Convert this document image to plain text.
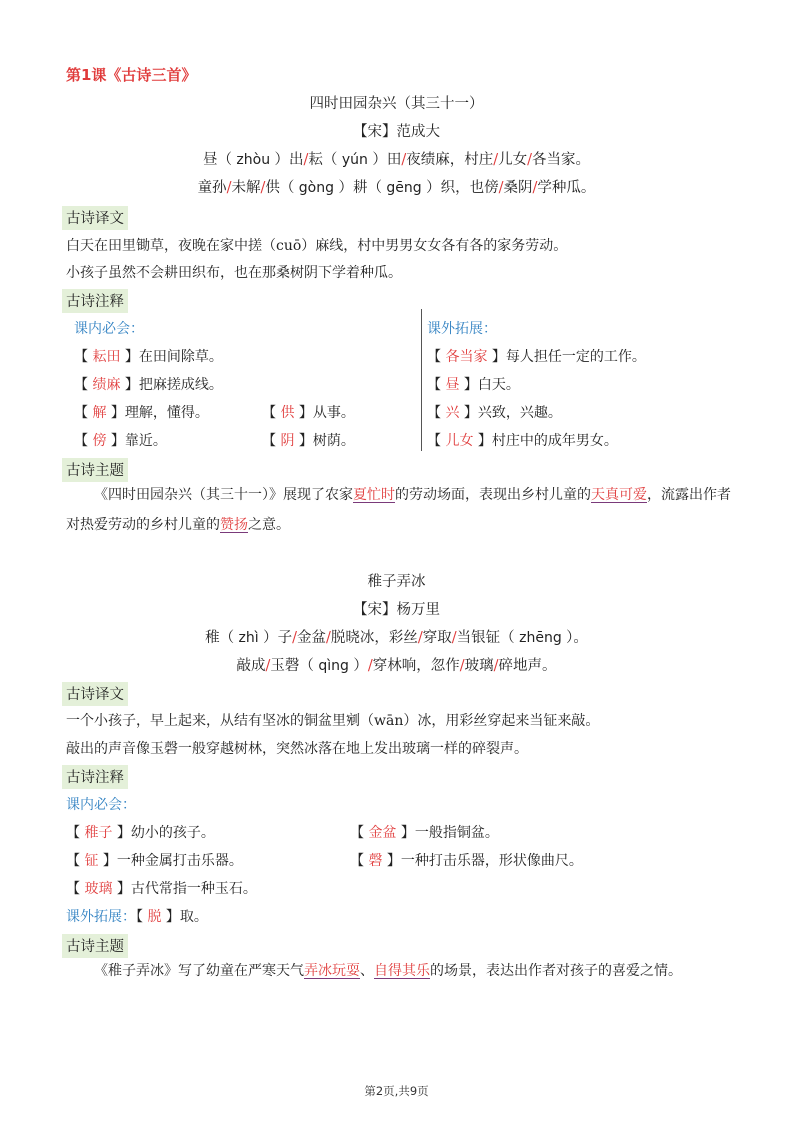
第1课《古诗三首》
四时田园杂兴（其三十一）
【宋】范成大
昼（ zhòu ）出/耘（ yún ）田/夜绩麻，村庄/儿女/各当家。
童孙/未解/供（ gòng ）耕（ gēng ）织，也傍/桑阴/学种瓜。
古诗译文
白天在田里锄草，夜晚在家中搓（cuō）麻线，村中男男女女各有各的家务劳动。
小孩子虽然不会耕田织布，也在那桑树阴下学着种瓜。
古诗注释
课内必会：
【 耘田 】在田间除草。
【 绩麻 】把麻搓成线。
【 解 】理解，懂得。	【 供 】从事。
【 傍 】靠近。	【 阴 】树荫。
课外拓展：
【 各当家 】每人担任一定的工作。
【 昼 】白天。
【 兴 】兴致，兴趣。
【 儿女 】村庄中的成年男女。
古诗主题
《四时田园杂兴（其三十一）》展现了农家夏忙时的劳动场面，表现出乡村儿童的天真可爱，流露出作者对热爱劳动的乡村儿童的赞扬之意。
稚子弄冰
【宋】杨万里
稚（ zhì ）子/金盆/脱晓冰，彩丝/穿取/当银钲（ zhēng ）。
敲成/玉磬（ qìng ）/穿林响，忽作/玻璃/碎地声。
古诗译文
一个小孩子，早上起来，从结有坚冰的铜盆里剜（wān）冰，用彩丝穿起来当钲来敲。
敲出的声音像玉磬一般穿越树林，突然冰落在地上发出玻璃一样的碎裂声。
古诗注释
课内必会：
【 稚子 】幼小的孩子。	【 金盆 】一般指铜盆。
【 钲 】一种金属打击乐器。	【 磬 】一种打击乐器，形状像曲尺。
【 玻璃 】古代常指一种玉石。
课外拓展：【 脱 】取。
古诗主题
《稚子弄冰》写了幼童在严寒天气弄冰玩耍、自得其乐的场景，表达出作者对孩子的喜爱之情。
第2页,共9页
